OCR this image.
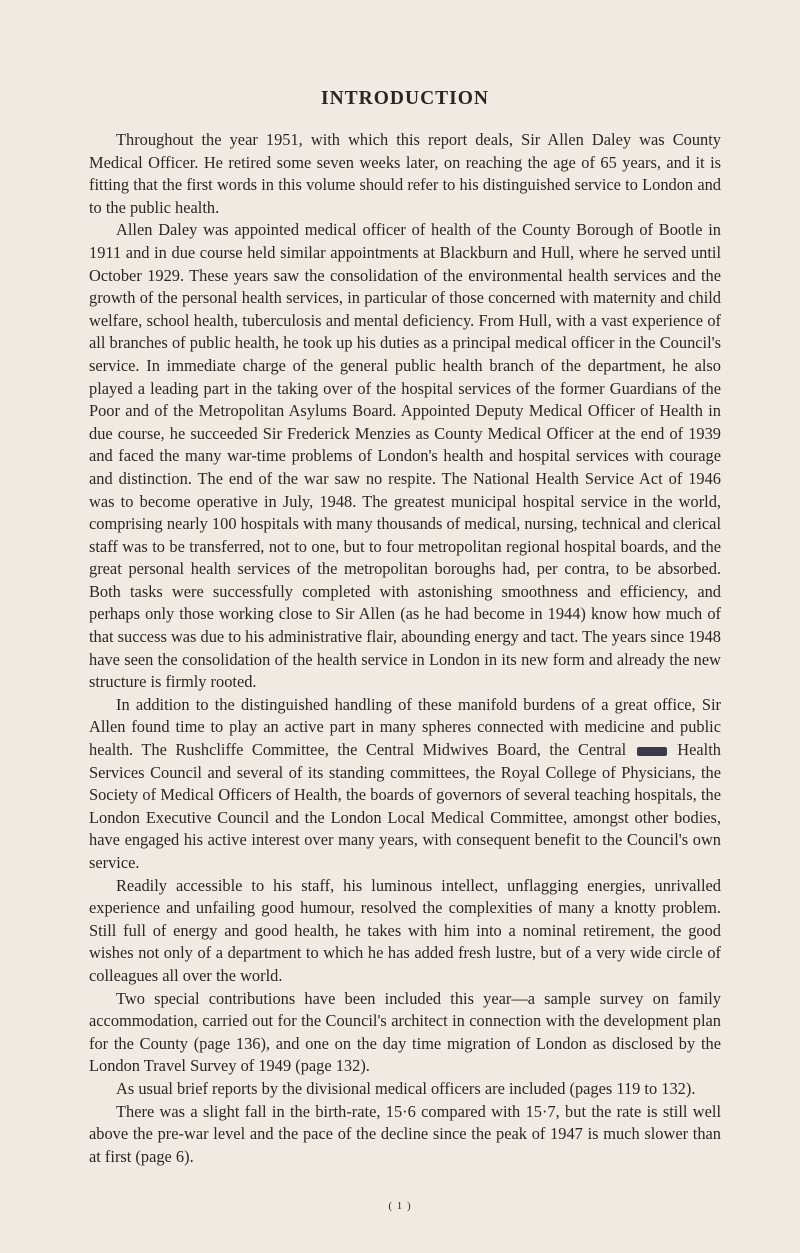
INTRODUCTION

Throughout the year 1951, with which this report deals, Sir Allen Daley was County Medical Officer. He retired some seven weeks later, on reaching the age of 65 years, and it is fitting that the first words in this volume should refer to his distinguished service to London and to the public health.

Allen Daley was appointed medical officer of health of the County Borough of Bootle in 1911 and in due course held similar appointments at Blackburn and Hull, where he served until October 1929. These years saw the consolidation of the environmental health services and the growth of the personal health services, in particular of those concerned with maternity and child welfare, school health, tuberculosis and mental deficiency. From Hull, with a vast experience of all branches of public health, he took up his duties as a principal medical officer in the Council's service. In immediate charge of the general public health branch of the department, he also played a leading part in the taking over of the hospital services of the former Guardians of the Poor and of the Metropolitan Asylums Board. Appointed Deputy Medical Officer of Health in due course, he succeeded Sir Frederick Menzies as County Medical Officer at the end of 1939 and faced the many war-time problems of London's health and hospital services with courage and distinction. The end of the war saw no respite. The National Health Service Act of 1946 was to become operative in July, 1948. The greatest municipal hospital service in the world, comprising nearly 100 hospitals with many thousands of medical, nursing, technical and clerical staff was to be transferred, not to one, but to four metropolitan regional hospital boards, and the great personal health services of the metropolitan boroughs had, per contra, to be absorbed. Both tasks were successfully completed with astonishing smoothness and efficiency, and perhaps only those working close to Sir Allen (as he had become in 1944) know how much of that success was due to his administrative flair, abounding energy and tact. The years since 1948 have seen the consolidation of the health service in London in its new form and already the new structure is firmly rooted.

In addition to the distinguished handling of these manifold burdens of a great office, Sir Allen found time to play an active part in many spheres connected with medicine and public health. The Rushcliffe Committee, the Central Midwives Board, the Central	Health Services Council and several of its standing committees, the Royal College of Physicians, the Society of Medical Officers of Health, the boards of governors of several teaching hospitals, the London Executive Council and the London Local Medical Committee, amongst other bodies, have engaged his active interest over many years, with consequent benefit to the Council's own service.

Readily accessible to his staff, his luminous intellect, unflagging energies, unrivalled experience and unfailing good humour, resolved the complexities of many a knotty problem. Still full of energy and good health, he takes with him into a nominal retirement, the good wishes not only of a department to which he has added fresh lustre, but of a very wide circle of colleagues all over the world.

Two special contributions have been included this year—a sample survey on family accommodation, carried out for the Council's architect in connection with the development plan for the County (page 136), and one on the day time migration of London as disclosed by the London Travel Survey of 1949 (page 132).

As usual brief reports by the divisional medical officers are included (pages 119 to 132).

There was a slight fall in the birth-rate, 15·6 compared with 15·7, but the rate is still well above the pre-war level and the pace of the decline since the peak of 1947 is much slower than at first (page 6).

( 1 )
